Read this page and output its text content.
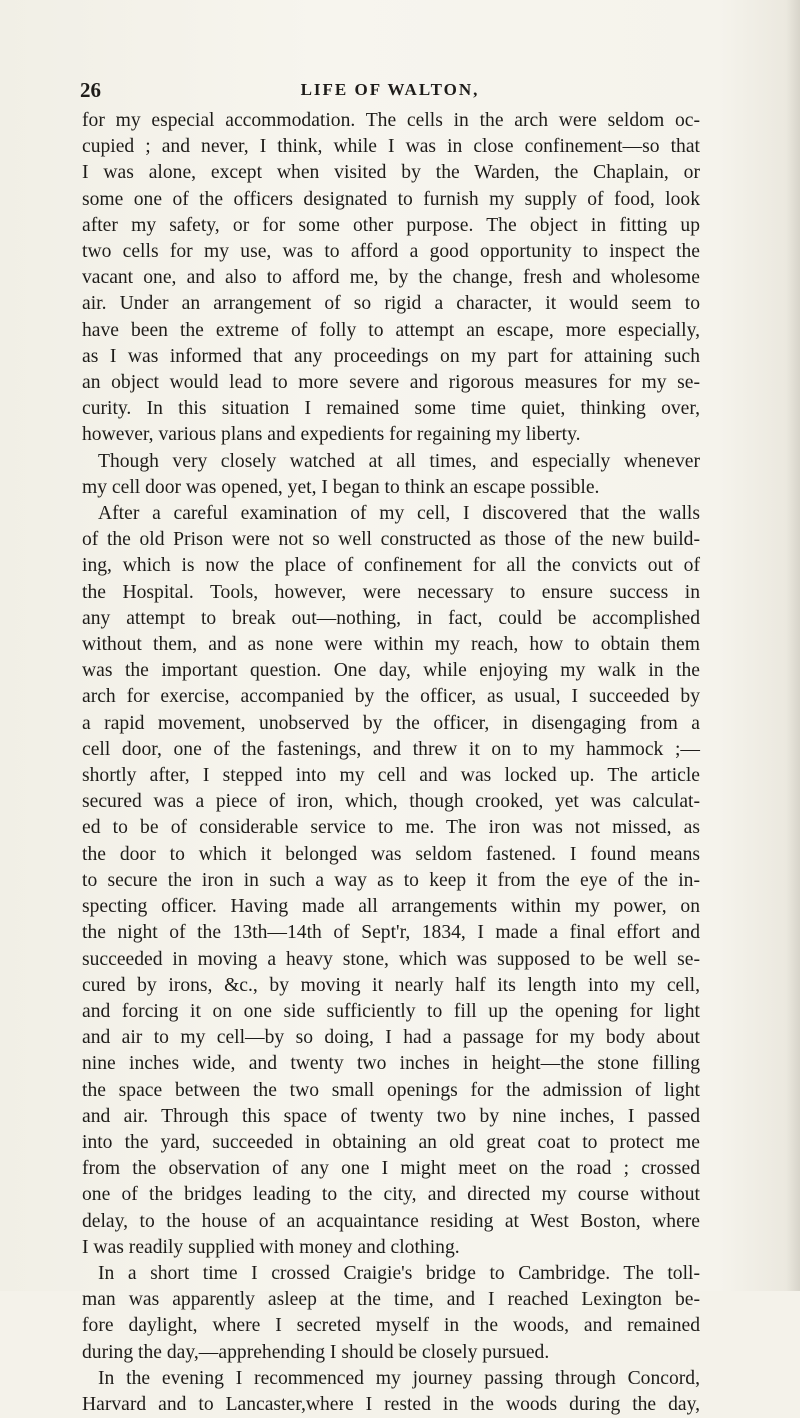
26	LIFE OF WALTON,
for my especial accommodation. The cells in the arch were seldom oc-
cupied ; and never, I think, while I was in close confinement—so that
I was alone, except when visited by the Warden, the Chaplain, or
some one of the officers designated to furnish my supply of food, look
after my safety, or for some other purpose. The object in fitting up
two cells for my use, was to afford a good opportunity to inspect the
vacant one, and also to afford me, by the change, fresh and wholesome
air. Under an arrangement of so rigid a character, it would seem to
have been the extreme of folly to attempt an escape, more especially,
as I was informed that any proceedings on my part for attaining such
an object would lead to more severe and rigorous measures for my se-
curity. In this situation I remained some time quiet, thinking over,
however, various plans and expedients for regaining my liberty.
Though very closely watched at all times, and especially whenever
my cell door was opened, yet, I began to think an escape possible.
After a careful examination of my cell, I discovered that the walls
of the old Prison were not so well constructed as those of the new build-
ing, which is now the place of confinement for all the convicts out of
the Hospital. Tools, however, were necessary to ensure success in
any attempt to break out—nothing, in fact, could be accomplished
without them, and as none were within my reach, how to obtain them
was the important question. One day, while enjoying my walk in the
arch for exercise, accompanied by the officer, as usual, I succeeded by
a rapid movement, unobserved by the officer, in disengaging from a
cell door, one of the fastenings, and threw it on to my hammock ;—
shortly after, I stepped into my cell and was locked up. The article
secured was a piece of iron, which, though crooked, yet was calculat-
ed to be of considerable service to me. The iron was not missed, as
the door to which it belonged was seldom fastened. I found means
to secure the iron in such a way as to keep it from the eye of the in-
specting officer. Having made all arrangements within my power, on
the night of the 13th—14th of Sept'r, 1834, I made a final effort and
succeeded in moving a heavy stone, which was supposed to be well se-
cured by irons, &c., by moving it nearly half its length into my cell,
and forcing it on one side sufficiently to fill up the opening for light
and air to my cell—by so doing, I had a passage for my body about
nine inches wide, and twenty two inches in height—the stone filling
the space between the two small openings for the admission of light
and air. Through this space of twenty two by nine inches, I passed
into the yard, succeeded in obtaining an old great coat to protect me
from the observation of any one I might meet on the road ; crossed
one of the bridges leading to the city, and directed my course without
delay, to the house of an acquaintance residing at West Boston, where
I was readily supplied with money and clothing.
In a short time I crossed Craigie's bridge to Cambridge. The toll-
man was apparently asleep at the time, and I reached Lexington be-
fore daylight, where I secreted myself in the woods, and remained
during the day,—apprehending I should be closely pursued.
In the evening I recommenced my journey passing through Concord,
Harvard and to Lancaster,where I rested in the woods during the day,
